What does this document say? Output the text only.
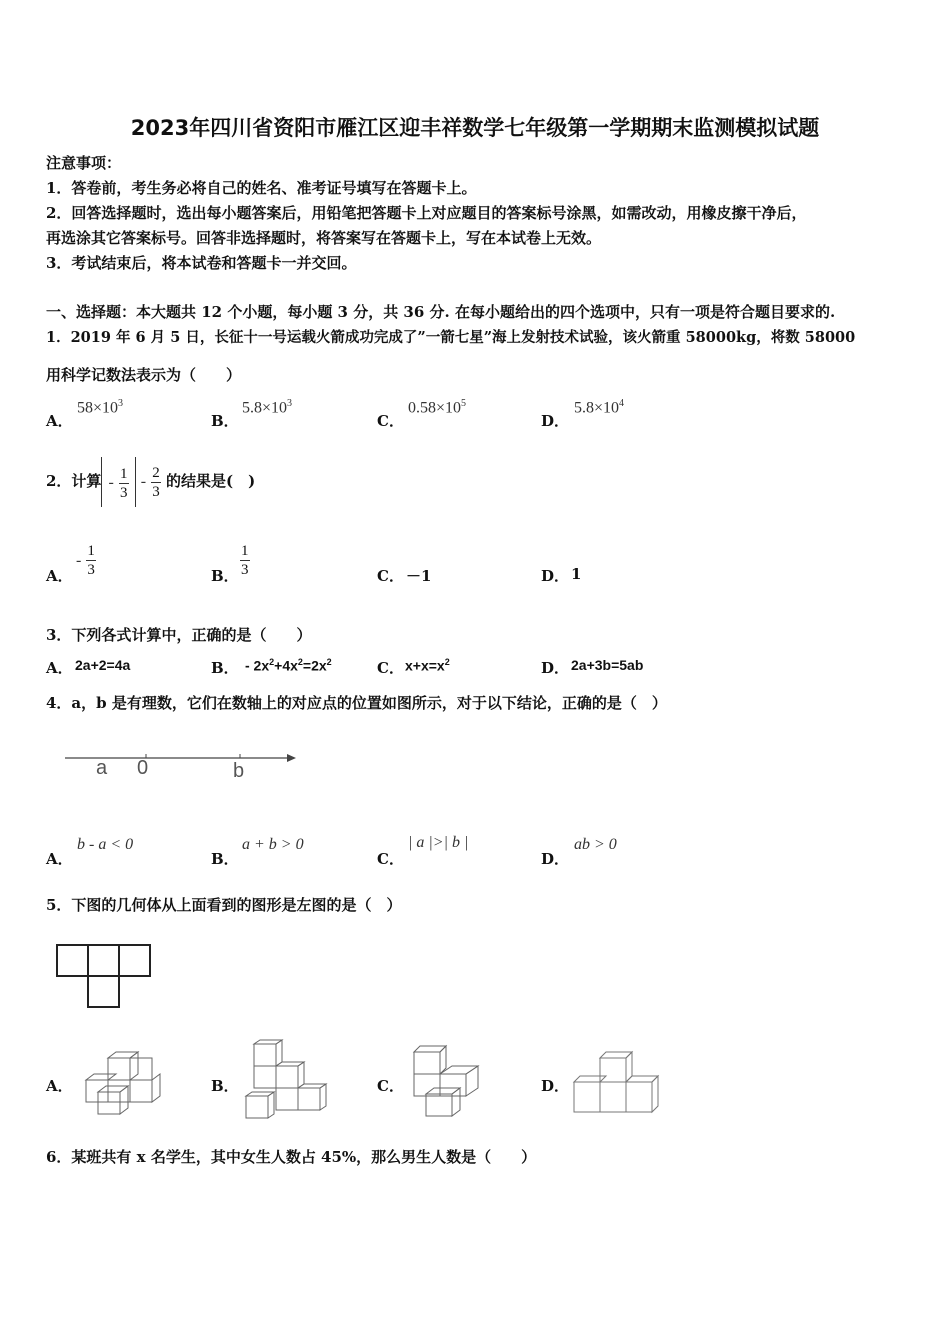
2023年四川省资阳市雁江区迎丰祥数学七年级第一学期期末监测模拟试题
注意事项：
1．答卷前，考生务必将自己的姓名、准考证号填写在答题卡上。
2．回答选择题时，选出每小题答案后，用铅笔把答题卡上对应题目的答案标号涂黑，如需改动，用橡皮擦干净后，
再选涂其它答案标号。回答非选择题时，将答案写在答题卡上，写在本试卷上无效。
3．考试结束后，将本试卷和答题卡一并交回。
一、选择题：本大题共 12 个小题，每小题 3 分，共 36 分. 在每小题给出的四个选项中，只有一项是符合题目要求的.
1．2019 年 6 月 5 日，长征十一号运载火箭成功完成了”一箭七星”海上发射技术试验，该火箭重 58000kg，将数 58000
用科学记数法表示为（　　）
A．
$58\times 10^3$
B．
$5.8\times 10^3$
C．
$0.58\times 10^5$
D．
$5.8\times 10^4$
2．计算 - $\frac{1}{3} - \frac{2}{3}$ 的结果是(　)
A．
- $\frac{1}{3}$	B． $\frac{1}{3}$	C． －1	D． 1
3．下列各式计算中，正确的是（　　）
A． 2a+2=4a	B． - $2x^2+4x^2=2x^2$	C． $x+x=x^2$	D． 2a+3b=5ab
4．a，b 是有理数，它们在数轴上的对应点的位置如图所示，对于以下结论，正确的是（　）
a 0	b
A．
b - a < 0
B．
a + b > 0
C．
| a |>| b |
D．
ab > 0
5．下图的几何体从上面看到的图形是左图的是（　）
A．	B．	C．	D．
6．某班共有 x 名学生，其中女生人数占 45%，那么男生人数是（　　）
